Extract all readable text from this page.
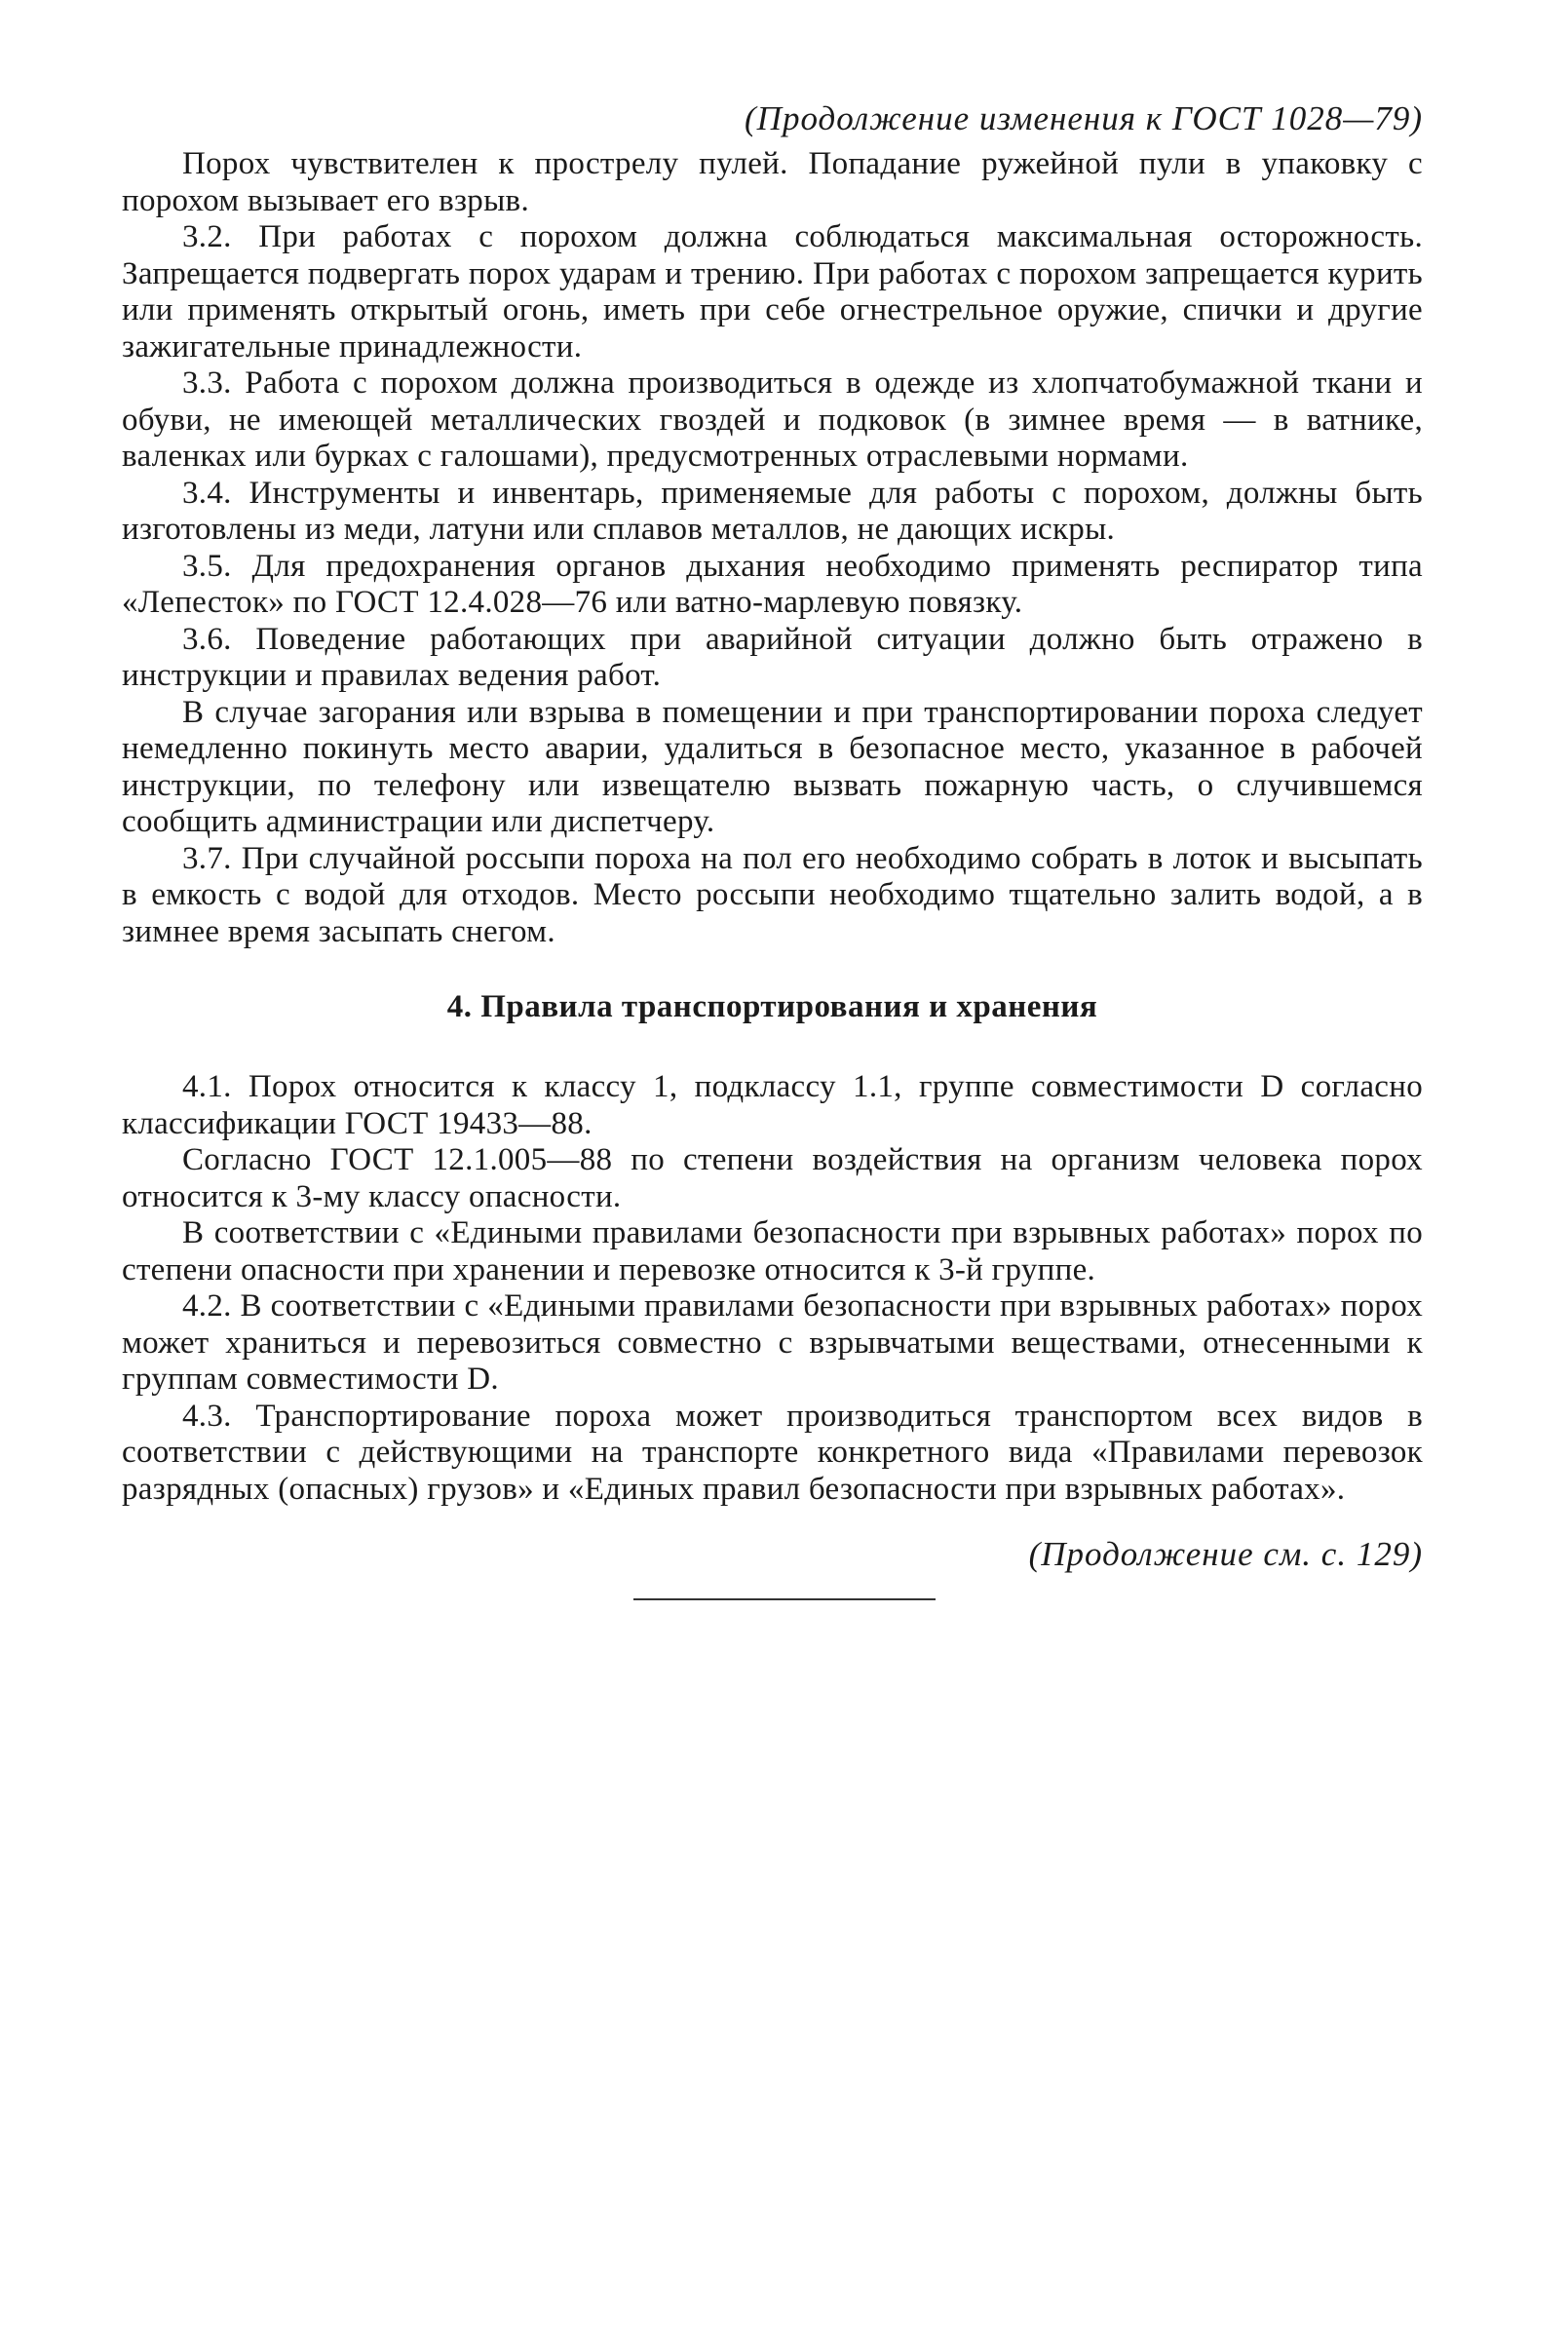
(Продолжение изменения к ГОСТ 1028—79)

Порох чувствителен к прострелу пулей. Попадание ружейной пули в упаковку с порохом вызывает его взрыв.

3.2. При работах с порохом должна соблюдаться максимальная осторожность. Запрещается подвергать порох ударам и трению. При работах с порохом запрещается курить или применять открытый огонь, иметь при себе огнестрельное оружие, спички и другие зажигательные принадлежности.

3.3. Работа с порохом должна производиться в одежде из хлопчатобумажной ткани и обуви, не имеющей металлических гвоздей и подковок (в зимнее время — в ватнике, валенках или бурках с галошами), предусмотренных отраслевыми нормами.

3.4. Инструменты и инвентарь, применяемые для работы с порохом, должны быть изготовлены из меди, латуни или сплавов металлов, не дающих искры.

3.5. Для предохранения органов дыхания необходимо применять респиратор типа «Лепесток» по ГОСТ 12.4.028—76 или ватно-марлевую повязку.

3.6. Поведение работающих при аварийной ситуации должно быть отражено в инструкции и правилах ведения работ.

В случае загорания или взрыва в помещении и при транспортировании пороха следует немедленно покинуть место аварии, удалиться в безопасное место, указанное в рабочей инструкции, по телефону или извещателю вызвать пожарную часть, о случившемся сообщить администрации или диспетчеру.

3.7. При случайной россыпи пороха на пол его необходимо собрать в лоток и высыпать в емкость с водой для отходов. Место россыпи необходимо тщательно залить водой, а в зимнее время засыпать снегом.

4. Правила транспортирования и хранения

4.1. Порох относится к классу 1, подклассу 1.1, группе совместимости D согласно классификации ГОСТ 19433—88.

Согласно ГОСТ 12.1.005—88 по степени воздействия на организм человека порох относится к 3-му классу опасности.

В соответствии с «Едиными правилами безопасности при взрывных работах» порох по степени опасности при хранении и перевозке относится к 3-й группе.

4.2. В соответствии с «Едиными правилами безопасности при взрывных работах» порох может храниться и перевозиться совместно с взрывчатыми веществами, отнесенными к группам совместимости D.

4.3. Транспортирование пороха может производиться транспортом всех видов в соответствии с действующими на транспорте конкретного вида «Правилами перевозок разрядных (опасных) грузов» и «Единых правил безопасности при взрывных работах».

(Продолжение см. с. 129)
